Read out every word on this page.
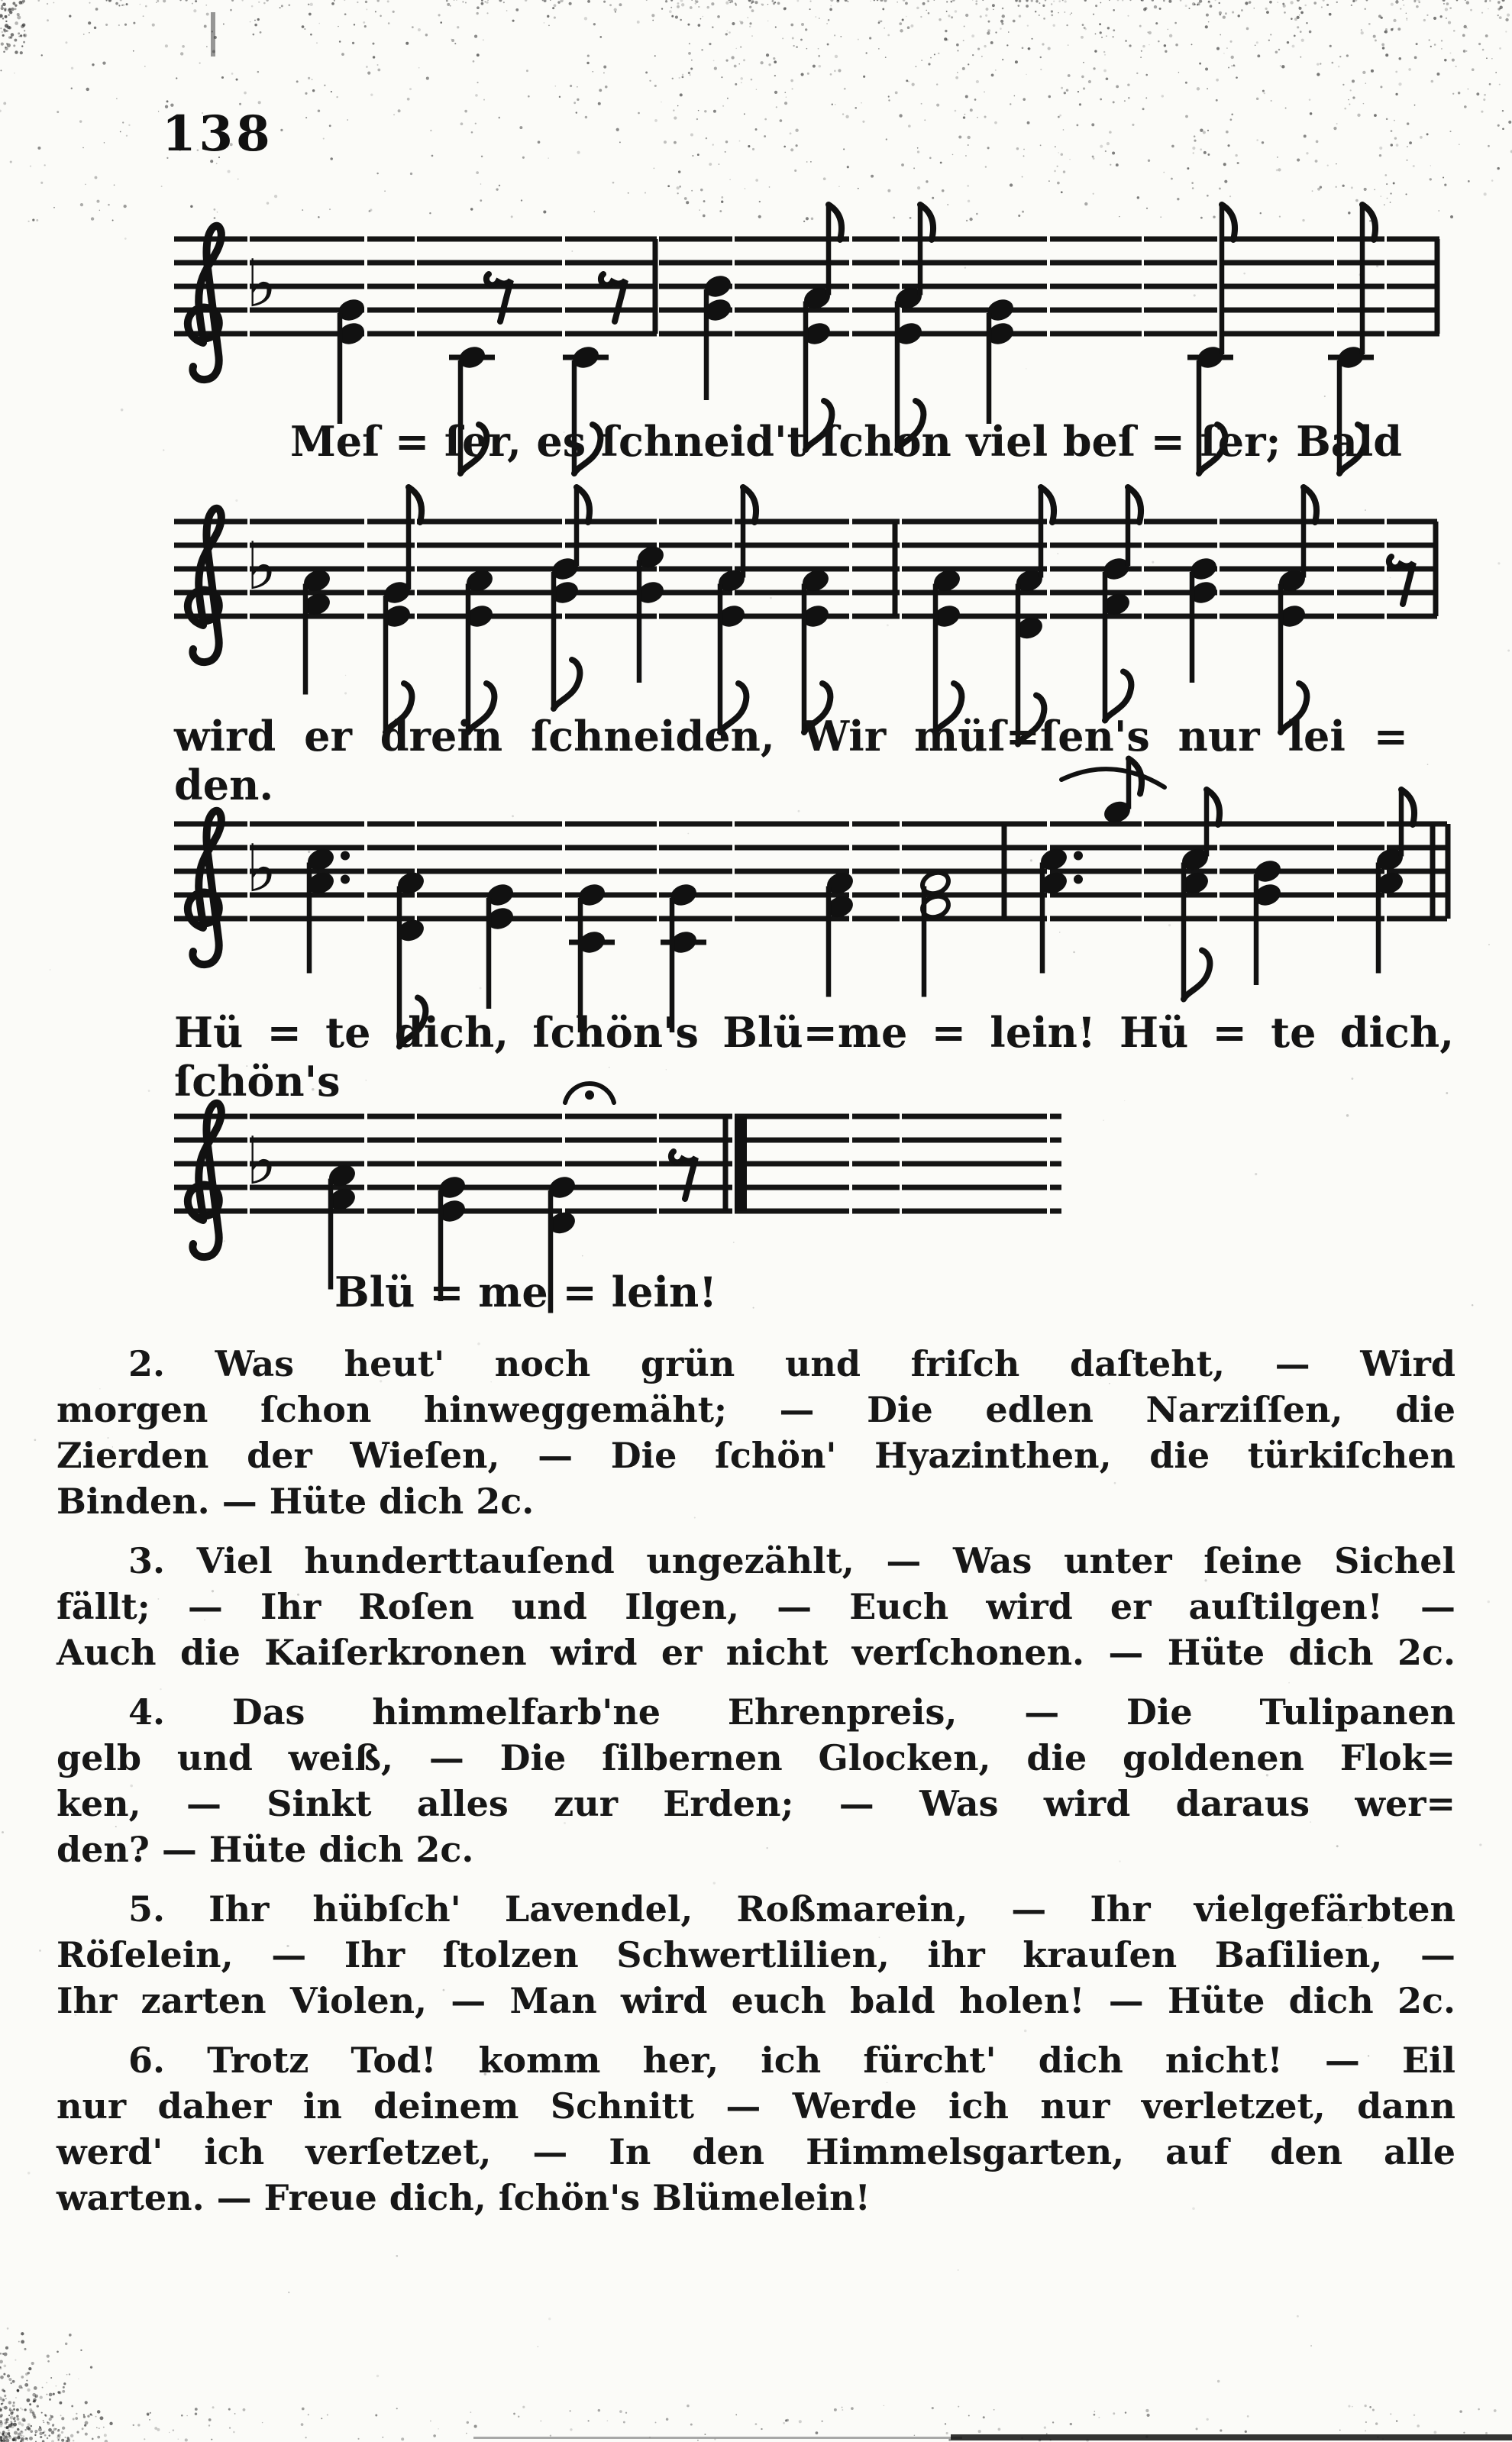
♭
♭
♭
♭
138
Meſ = ſer, es ſchneid't ſchon viel beſ = ſer; Bald
wird er drein ſchneiden, Wir müſ=ſen's nur lei = den.
Hü = te dich, ſchön's Blü=me = lein! Hü = te dich, ſchön's
Blü = me = lein!
2. Was heut' noch grün und friſch daſteht, — Wird
morgen ſchon hinweggemäht; — Die edlen Narziſſen, die
Zierden der Wieſen, — Die ſchön' Hyazinthen, die türkiſchen
Binden. — Hüte dich 2c.
3. Viel hunderttauſend ungezählt, — Was unter ſeine Sichel
fällt; — Ihr Roſen und Ilgen, — Euch wird er auſtilgen! —
Auch die Kaiſerkronen wird er nicht verſchonen. — Hüte dich 2c.
4. Das himmelfarb'ne Ehrenpreis, — Die Tulipanen
gelb und weiß, — Die ſilbernen Glocken, die goldenen Flok=
ken, — Sinkt alles zur Erden; — Was wird daraus wer=
den? — Hüte dich 2c.
5. Ihr hübſch' Lavendel, Roßmarein, — Ihr vielgefärbten
Röſelein, — Ihr ſtolzen Schwertlilien, ihr krauſen Baſilien, —
Ihr zarten Violen, — Man wird euch bald holen! — Hüte dich 2c.
6. Trotz Tod! komm her, ich fürcht' dich nicht! — Eil
nur daher in deinem Schnitt — Werde ich nur verletzet, dann
werd' ich verſetzet, — In den Himmelsgarten, auf den alle
warten. — Freue dich, ſchön's Blümelein!
